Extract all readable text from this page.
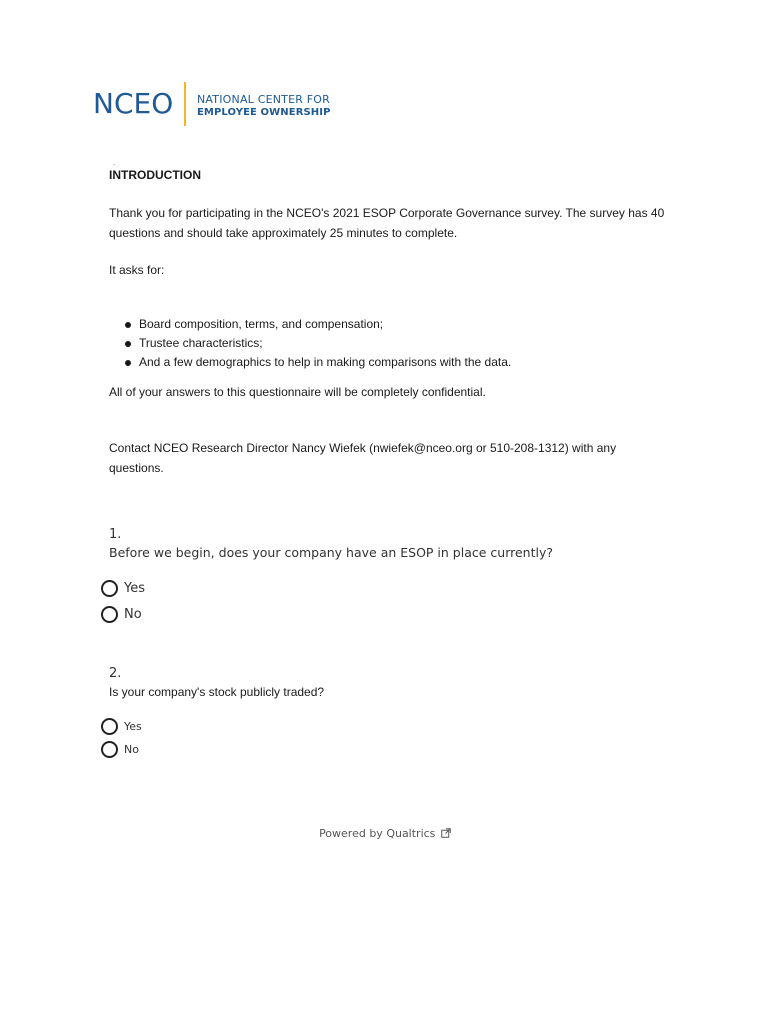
NCEO NATIONAL CENTER FOR
EMPLOYEE OWNERSHIP
.
INTRODUCTION
Thank you for participating in the NCEO's 2021 ESOP Corporate Governance survey. The survey has 40 questions and should take approximately 25 minutes to complete.
It asks for:
Board composition, terms, and compensation;
Trustee characteristics;
And a few demographics to help in making comparisons with the data.
All of your answers to this questionnaire will be completely confidential.
Contact NCEO Research Director Nancy Wiefek (nwiefek@nceo.org or 510-208-1312) with any questions.
1.
Before we begin, does your company have an ESOP in place currently?
Yes
No
2.
Is your company's stock publicly traded?
Yes
No
Powered by Qualtrics
